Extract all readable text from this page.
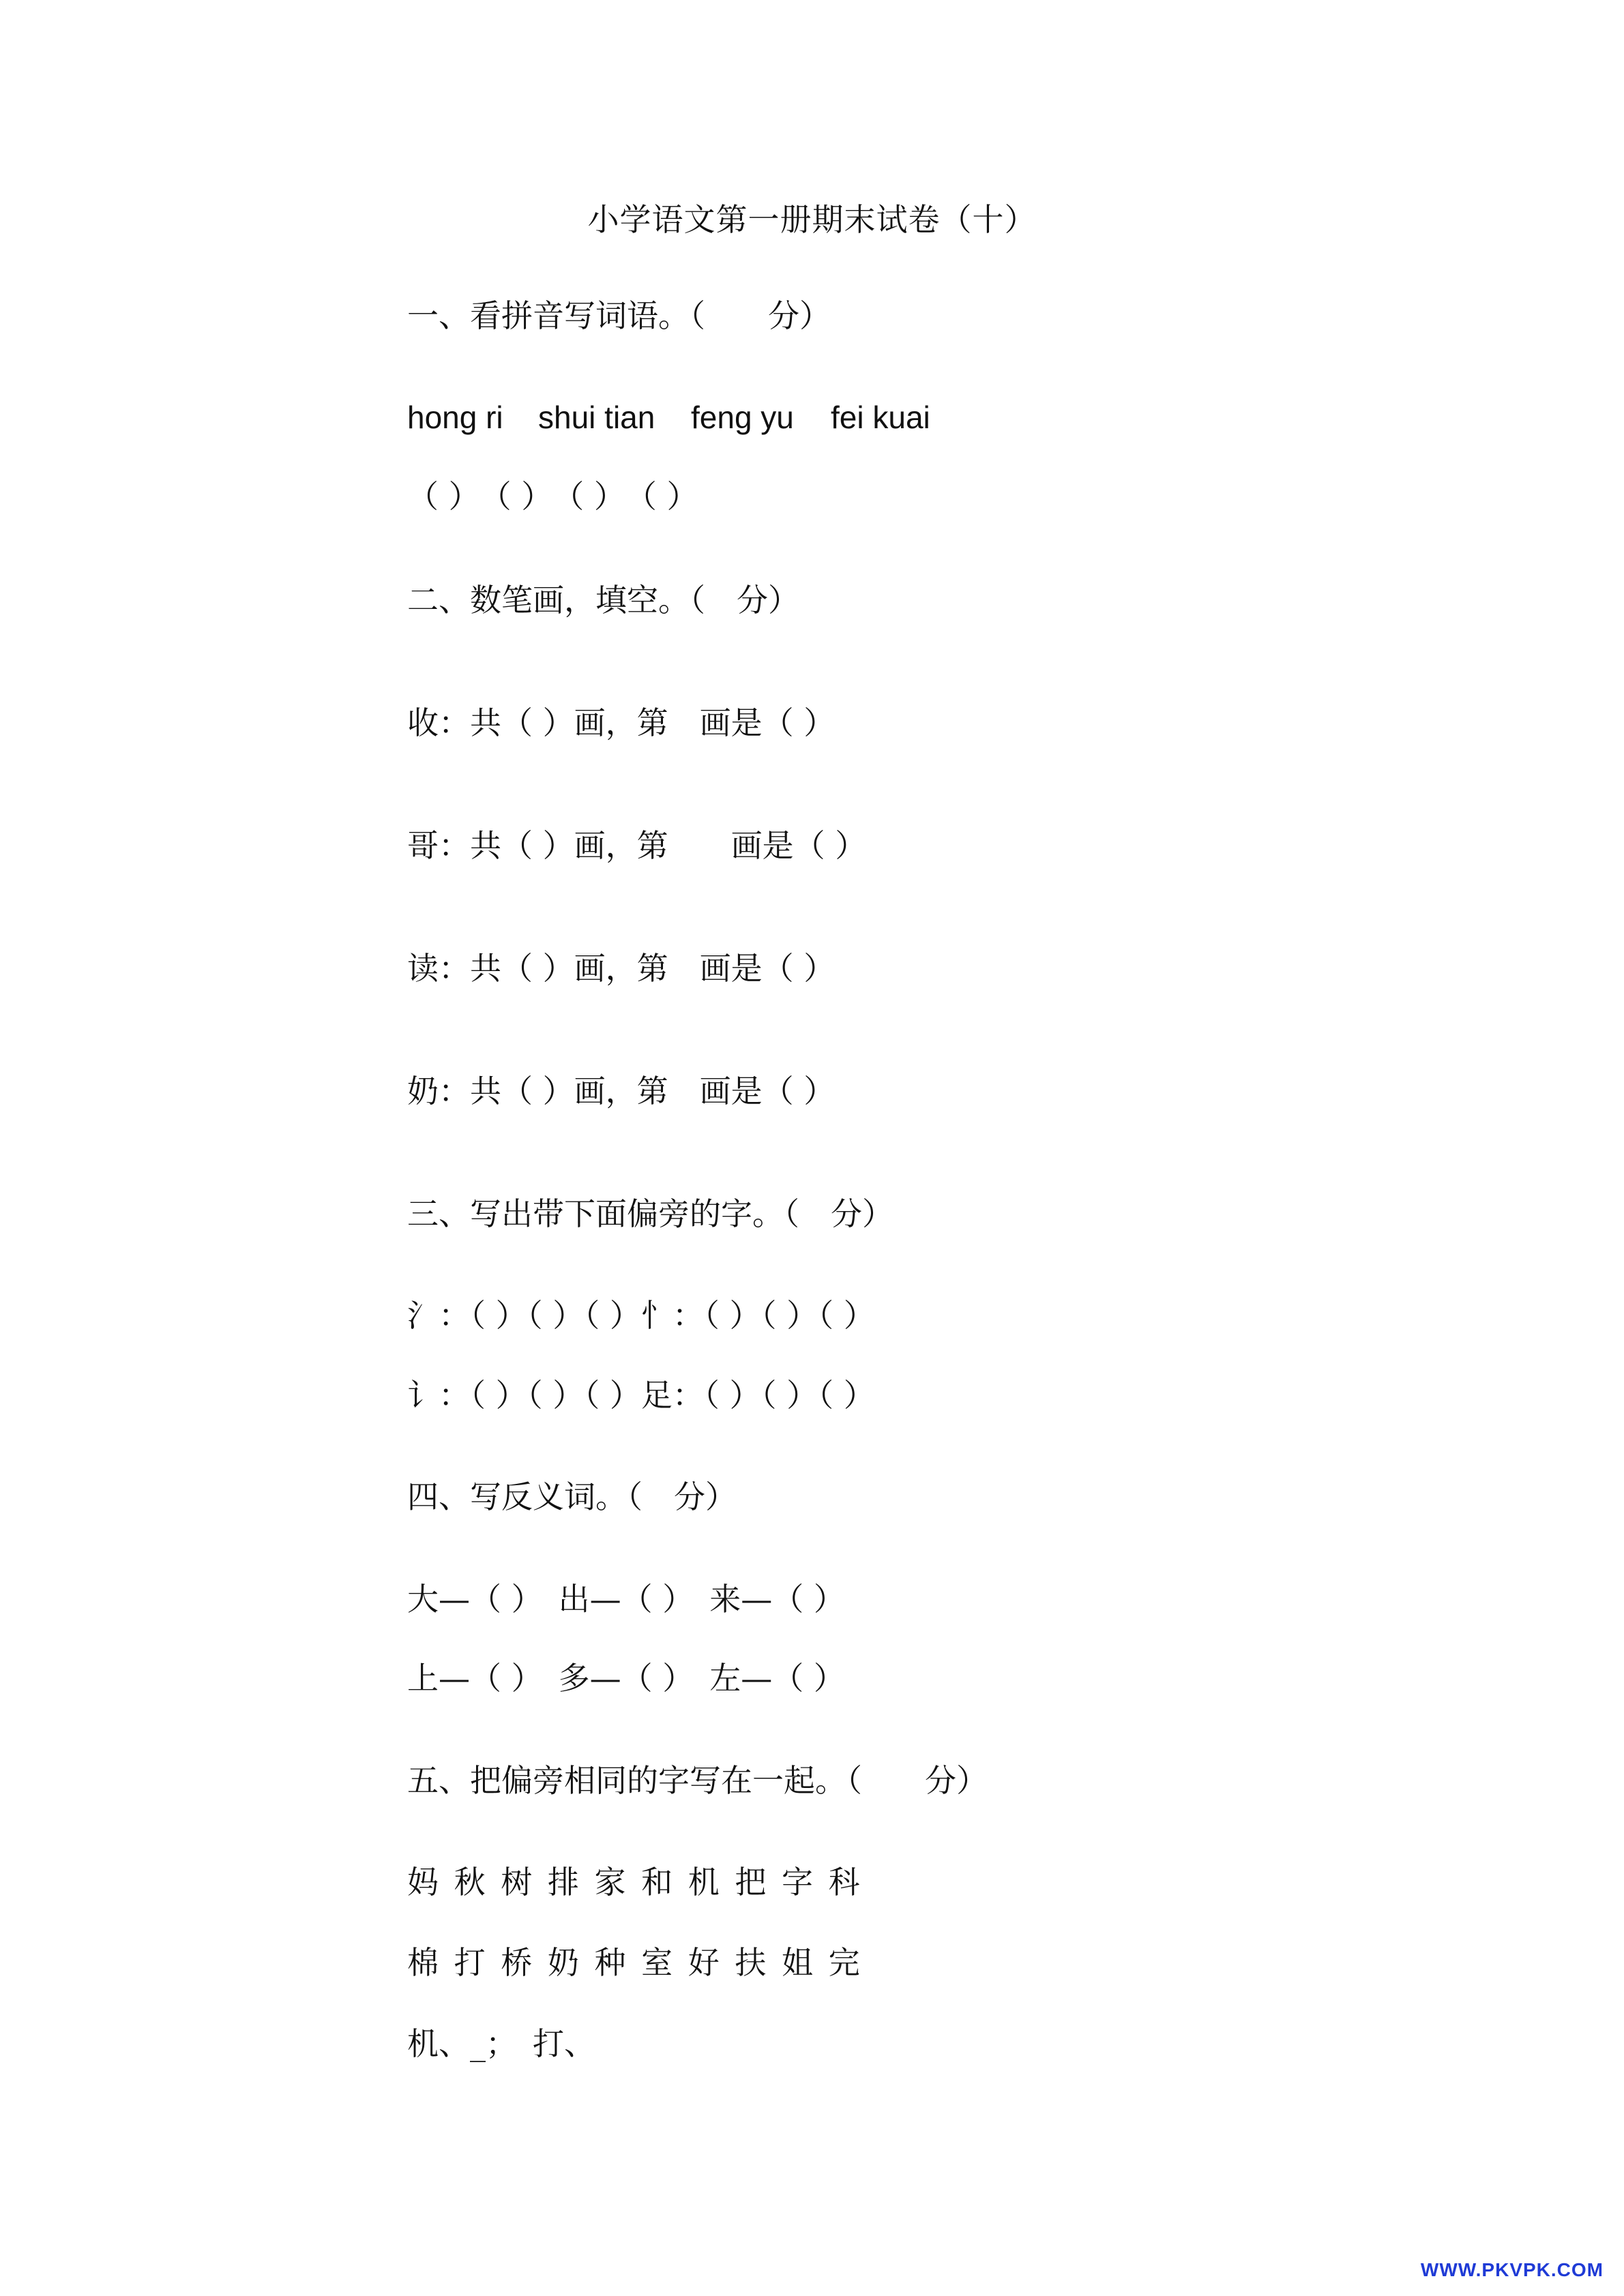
小学语文第一册期末试卷（十）
一、看拼音写词语。（　　分）
hong ri shui tian feng yu fei kuai
（ ）　（ ）　（ ）　（ ）
二、数笔画，填空。（　分）
收：共（ ）画，第　画是（ ）
哥：共（ ）画，第　　画是（ ）
读：共（ ）画，第　画是（ ）
奶：共（ ）画，第　画是（ ）
三、写出带下面偏旁的字。（　分）
氵：（ ）（ ）（ ）忄：（ ）（ ）（ ）
讠：（ ）（ ）（ ）足：（ ）（ ）（ ）
四、写反义词。（　分）
大—（ ）　出—（ ）　来—（ ）
上—（ ）　多—（ ）　左—（ ）
五、把偏旁相同的字写在一起。（　　分）
妈 秋 树 排 家 和 机 把 字 科
棉 打 桥 奶 种 室 好 扶 姐 完
机、_；　打、
WWW.PKVPK.COM
